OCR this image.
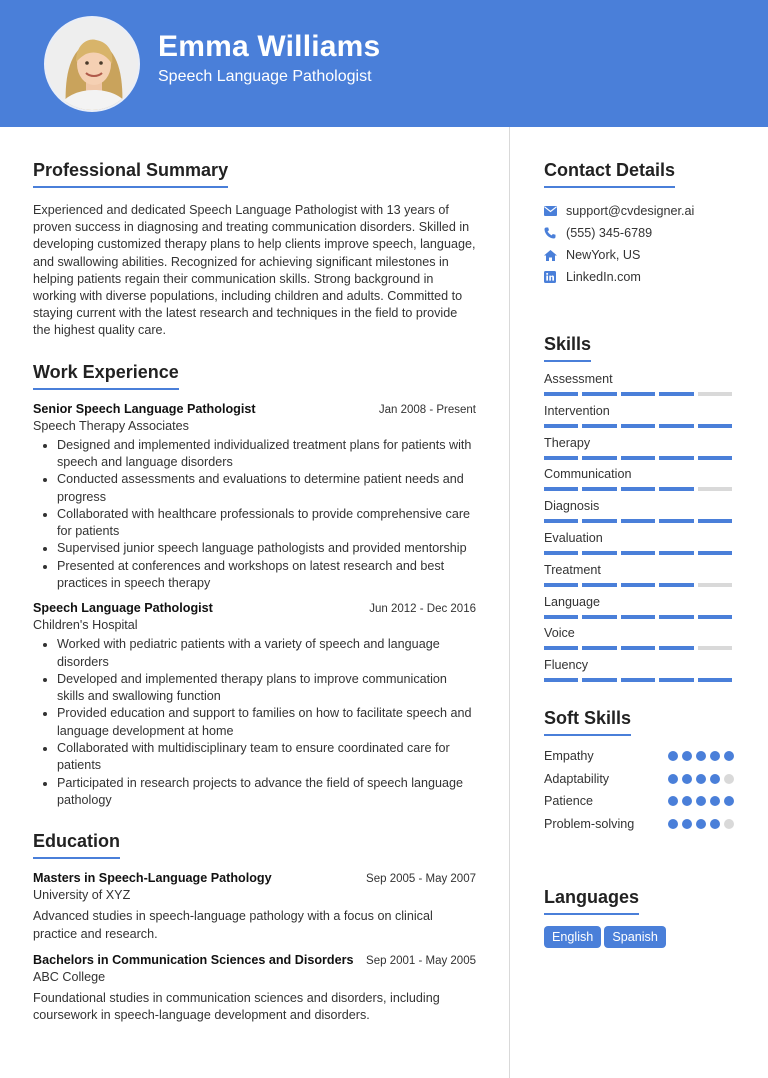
Emma Williams
Speech Language Pathologist
Professional Summary
Experienced and dedicated Speech Language Pathologist with 13 years of proven success in diagnosing and treating communication disorders. Skilled in developing customized therapy plans to help clients improve speech, language, and swallowing abilities. Recognized for achieving significant milestones in helping patients regain their communication skills. Strong background in working with diverse populations, including children and adults. Committed to staying current with the latest research and techniques in the field to provide the highest quality care.
Work Experience
Senior Speech Language Pathologist	Jan 2008 - Present
Speech Therapy Associates
• Designed and implemented individualized treatment plans for patients with speech and language disorders
• Conducted assessments and evaluations to determine patient needs and progress
• Collaborated with healthcare professionals to provide comprehensive care for patients
• Supervised junior speech language pathologists and provided mentorship
• Presented at conferences and workshops on latest research and best practices in speech therapy
Speech Language Pathologist	Jun 2012 - Dec 2016
Children's Hospital
• Worked with pediatric patients with a variety of speech and language disorders
• Developed and implemented therapy plans to improve communication skills and swallowing function
• Provided education and support to families on how to facilitate speech and language development at home
• Collaborated with multidisciplinary team to ensure coordinated care for patients
• Participated in research projects to advance the field of speech language pathology
Education
Masters in Speech-Language Pathology	Sep 2005 - May 2007
University of XYZ
Advanced studies in speech-language pathology with a focus on clinical practice and research.
Bachelors in Communication Sciences and Disorders Sep 2001 - May 2005
ABC College
Foundational studies in communication sciences and disorders, including coursework in speech-language development and disorders.
Contact Details
support@cvdesigner.ai
(555) 345-6789
NewYork, US
LinkedIn.com
Skills
Assessment
Intervention
Therapy
Communication
Diagnosis
Evaluation
Treatment
Language
Voice
Fluency
Soft Skills
Empathy
Adaptability
Patience
Problem-solving
Languages
English Spanish
